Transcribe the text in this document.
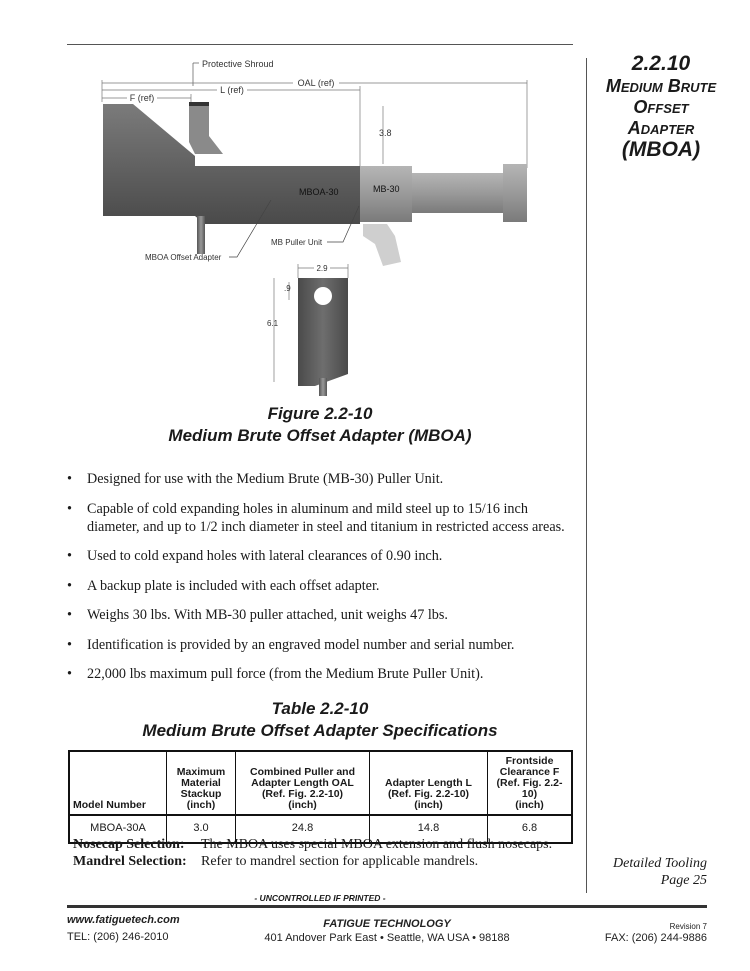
2.2.10
Medium Brute
Offset
Adapter
(MBOA)
Protective Shroud
OAL (ref)
L (ref)
F (ref)
3.8
MBOA-30	MB-30
MB Puller Unit
MBOA Offset Adapter
2.9
.9
6.1
Figure 2.2-10
Medium Brute Offset Adapter (MBOA)
• Designed for use with the Medium Brute (MB-30) Puller Unit.
• Capable of cold expanding holes in aluminum and mild steel up to 15/16 inch diameter, and up to 1/2 inch diameter in steel and titanium in restricted access areas.
• Used to cold expand holes with lateral clearances of 0.90 inch.
• A backup plate is included with each offset adapter.
• Weighs 30 lbs. With MB-30 puller attached, unit weighs 47 lbs.
• Identification is provided by an engraved model number and serial number.
• 22,000 lbs maximum pull force (from the Medium Brute Puller Unit).
Table 2.2-10
Medium Brute Offset Adapter Specifications
Model Number	Maximum
Material
Stackup
(inch)	Combined Puller and
Adapter Length OAL
(Ref. Fig. 2.2-10)
(inch)	Adapter Length L
(Ref. Fig. 2.2-10)
(inch)	Frontside
Clearance F
(Ref. Fig. 2.2-10)
(inch)
MBOA-30A	3.0	24.8	14.8	6.8
Nosecap Selection: The MBOA uses special MBOA extension and flush nosecaps.
Mandrel Selection: Refer to mandrel section for applicable mandrels.	Detailed Tooling
Page 25
- UNCONTROLLED IF PRINTED -
www.fatiguetech.com
TEL: (206) 246-2010
FATIGUE TECHNOLOGY
401 Andover Park East • Seattle, WA USA • 98188
Revision 7
FAX: (206) 244-9886
